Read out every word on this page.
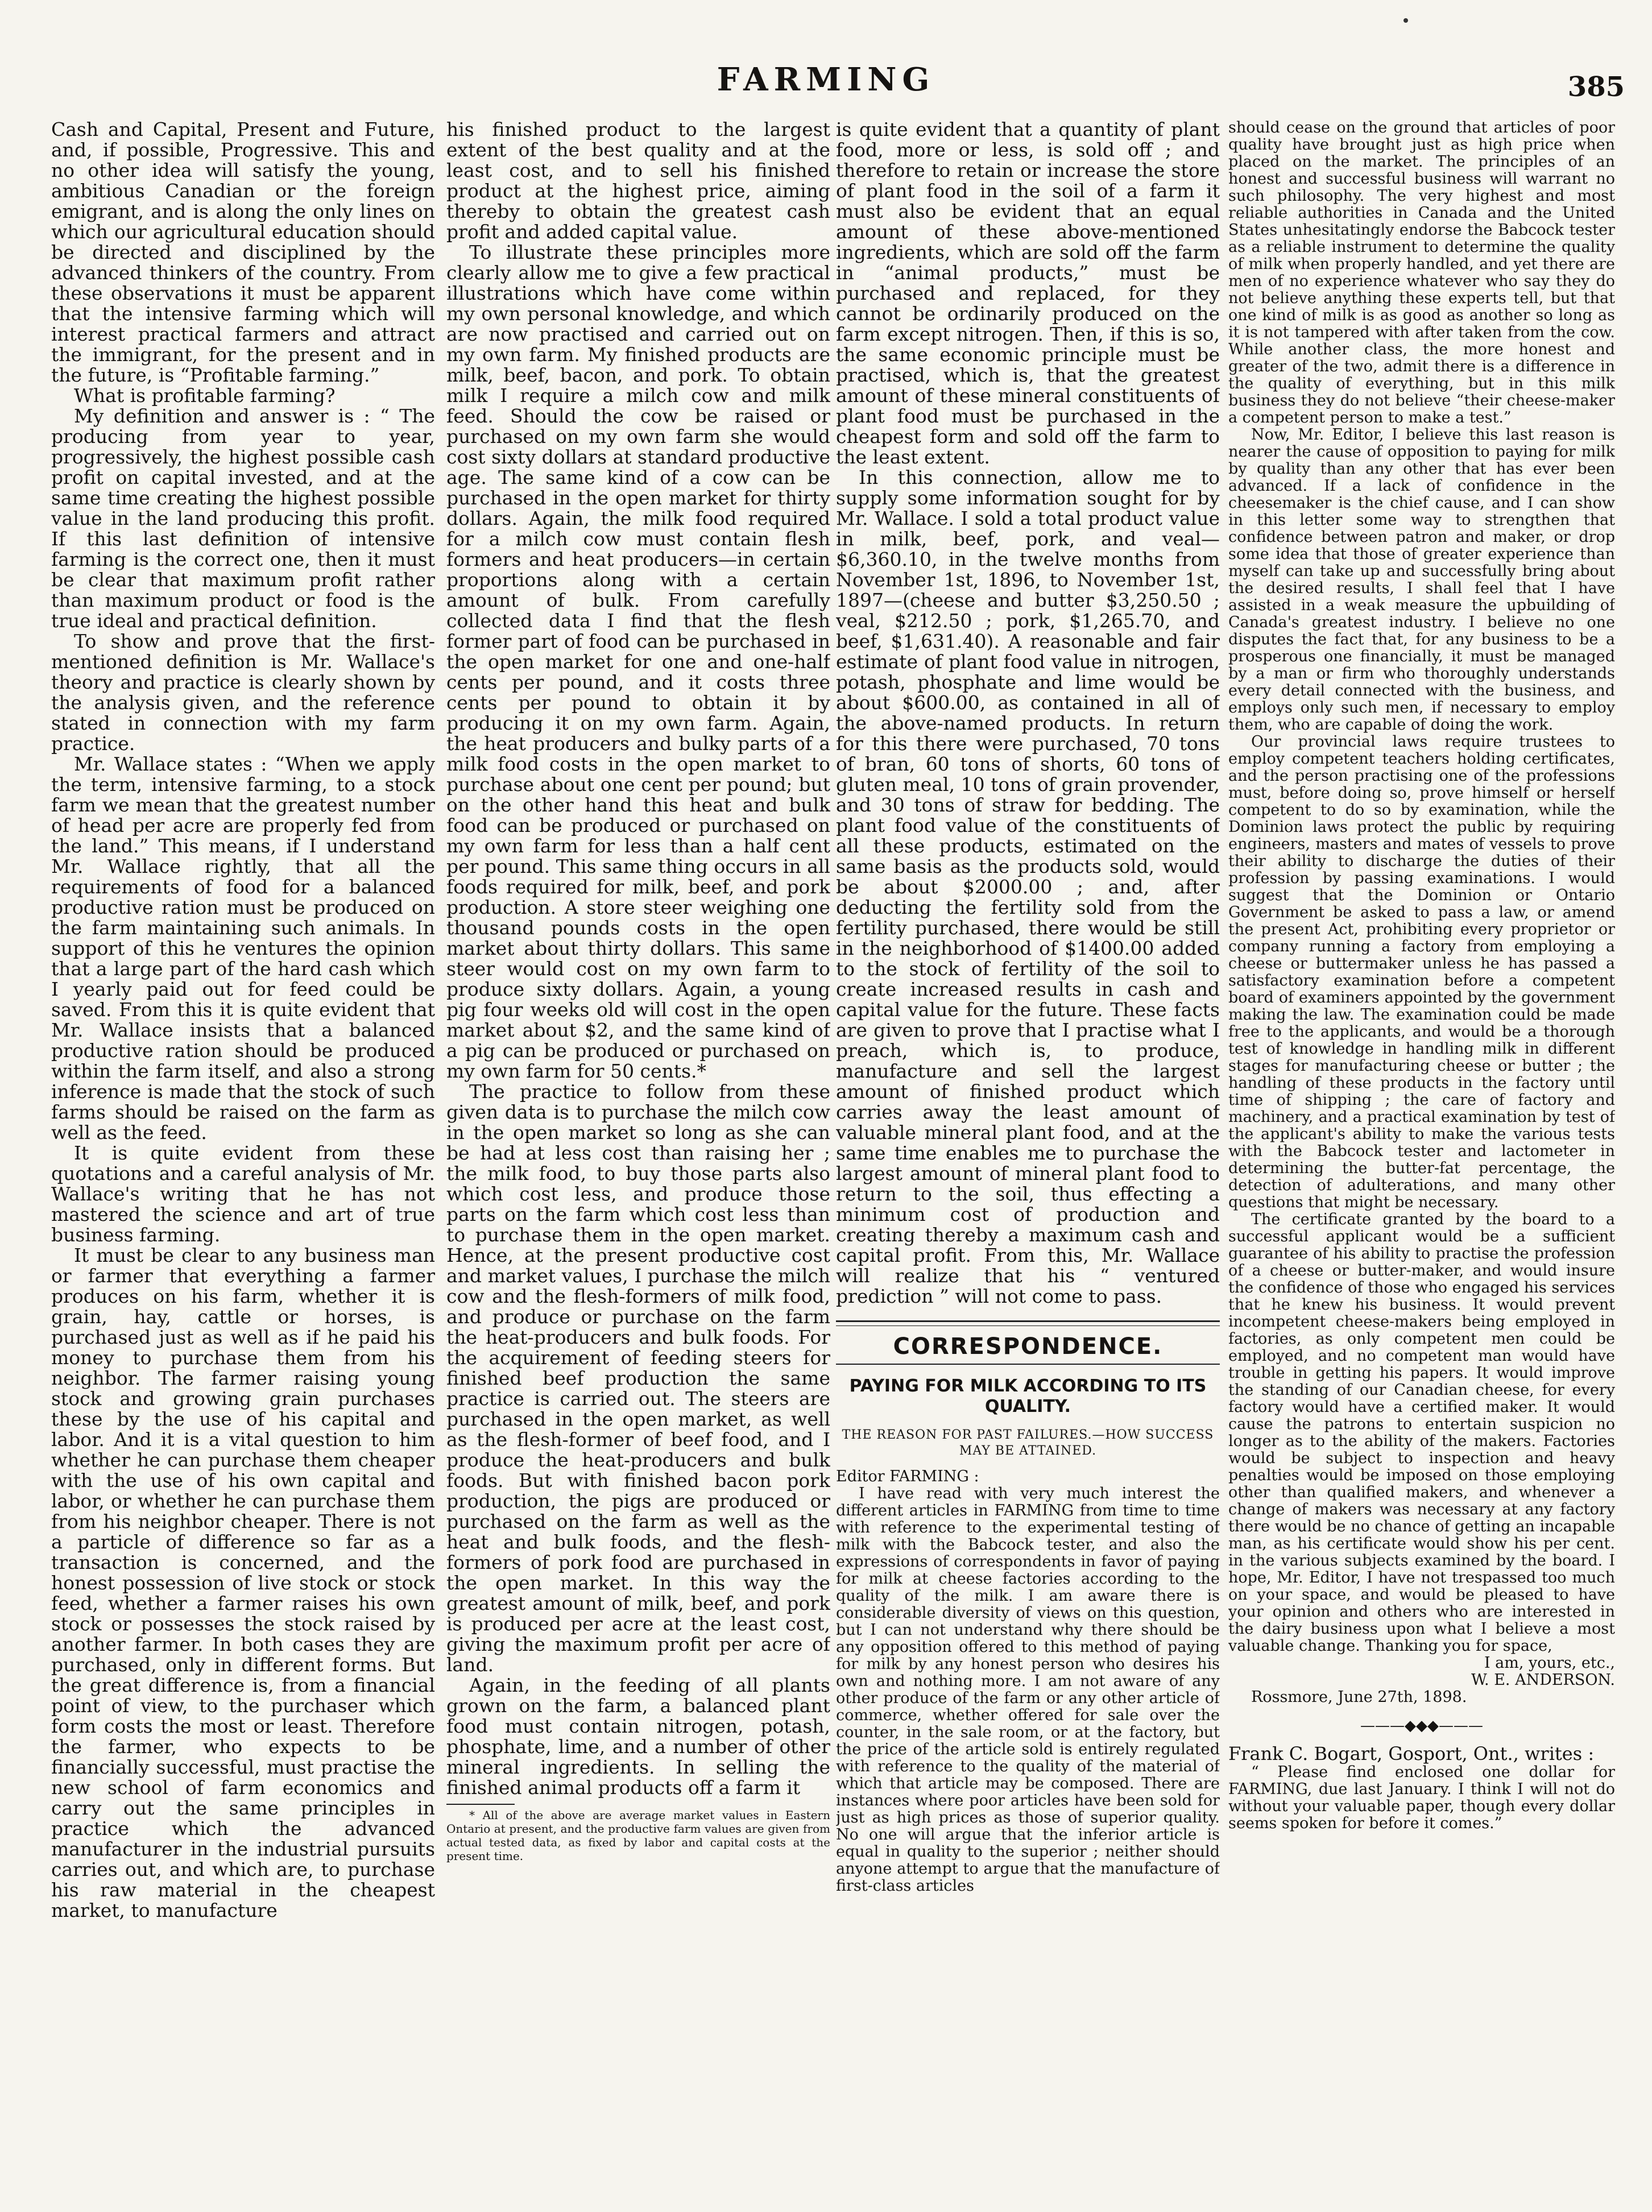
FARMING	385

Cash and Capital, Present and Future, and, if possible, Progressive. This and no other idea will satisfy the young, ambitious Canadian or the foreign emigrant, and is along the only lines on which our agricultural education should be directed and disciplined by the advanced thinkers of the country. From these observations it must be apparent that the intensive farming which will interest practical farmers and attract the immigrant, for the present and in the future, is “Profitable farming.”

What is profitable farming?

My definition and answer is : “ The producing from year to year, progressively, the highest possible cash profit on capital invested, and at the same time creating the highest possible value in the land producing this profit. If this last definition of intensive farming is the correct one, then it must be clear that maximum profit rather than maximum product or food is the true ideal and practical definition.

To show and prove that the first-mentioned definition is Mr. Wallace's theory and practice is clearly shown by the analysis given, and the reference stated in connection with my farm practice.

Mr. Wallace states : “When we apply the term, intensive farming, to a stock farm we mean that the greatest number of head per acre are properly fed from the land.” This means, if I understand Mr. Wallace rightly, that all the requirements of food for a balanced productive ration must be produced on the farm maintaining such animals. In support of this he ventures the opinion that a large part of the hard cash which I yearly paid out for feed could be saved. From this it is quite evident that Mr. Wallace insists that a balanced productive ration should be produced within the farm itself, and also a strong inference is made that the stock of such farms should be raised on the farm as well as the feed.

It is quite evident from these quotations and a careful analysis of Mr. Wallace's writing that he has not mastered the science and art of true business farming.

It must be clear to any business man or farmer that everything a farmer produces on his farm, whether it is grain, hay, cattle or horses, is purchased just as well as if he paid his money to purchase them from his neighbor. The farmer raising young stock and growing grain purchases these by the use of his capital and labor. And it is a vital question to him whether he can purchase them cheaper with the use of his own capital and labor, or whether he can purchase them from his neighbor cheaper. There is not a particle of difference so far as a transaction is concerned, and the honest possession of live stock or stock feed, whether a farmer raises his own stock or possesses the stock raised by another farmer. In both cases they are purchased, only in different forms. But the great difference is, from a financial point of view, to the purchaser which form costs the most or least. Therefore the farmer, who expects to be financially successful, must practise the new school of farm economics and carry out the same principles in practice which the advanced manufacturer in the industrial pursuits carries out, and which are, to purchase his raw material in the cheapest market, to manufacture

his finished product to the largest extent of the best quality and at the least cost, and to sell his finished product at the highest price, aiming thereby to obtain the greatest cash profit and added capital value.

To illustrate these principles more clearly allow me to give a few practical illustrations which have come within my own personal knowledge, and which are now practised and carried out on my own farm. My finished products are milk, beef, bacon, and pork. To obtain milk I require a milch cow and milk feed. Should the cow be raised or purchased on my own farm she would cost sixty dollars at standard productive age. The same kind of a cow can be purchased in the open market for thirty dollars. Again, the milk food required for a milch cow must contain flesh formers and heat producers—in certain proportions along with a certain amount of bulk. From carefully collected data I find that the flesh former part of food can be purchased in the open market for one and one-half cents per pound, and it costs three cents per pound to obtain it by producing it on my own farm. Again, the heat producers and bulky parts of a milk food costs in the open market to purchase about one cent per pound; but on the other hand this heat and bulk food can be produced or purchased on my own farm for less than a half cent per pound. This same thing occurs in all foods required for milk, beef, and pork production. A store steer weighing one thousand pounds costs in the open market about thirty dollars. This same steer would cost on my own farm to produce sixty dollars. Again, a young pig four weeks old will cost in the open market about $2, and the same kind of a pig can be produced or purchased on my own farm for 50 cents.*

The practice to follow from these given data is to purchase the milch cow in the open market so long as she can be had at less cost than raising her ; the milk food, to buy those parts also which cost less, and produce those parts on the farm which cost less than to purchase them in the open market. Hence, at the present productive cost and market values, I purchase the milch cow and the flesh-formers of milk food, and produce or purchase on the farm the heat-producers and bulk foods. For the acquirement of feeding steers for finished beef production the same practice is carried out. The steers are purchased in the open market, as well as the flesh-former of beef food, and I produce the heat-producers and bulk foods. But with finished bacon pork production, the pigs are produced or purchased on the farm as well as the heat and bulk foods, and the flesh-formers of pork food are purchased in the open market. In this way the greatest amount of milk, beef, and pork is produced per acre at the least cost, giving the maximum profit per acre of land.

Again, in the feeding of all plants grown on the farm, a balanced plant food must contain nitrogen, potash, phosphate, lime, and a number of other mineral ingredients. In selling the finished animal products off a farm it

* All of the above are average market values in Eastern Ontario at present, and the productive farm values are given from actual tested data, as fixed by labor and capital costs at the present time.

is quite evident that a quantity of plant food, more or less, is sold off ; and therefore to retain or increase the store of plant food in the soil of a farm it must also be evident that an equal amount of these above-mentioned ingredients, which are sold off the farm in “animal products,” must be purchased and replaced, for they cannot be ordinarily produced on the farm except nitrogen. Then, if this is so, the same economic principle must be practised, which is, that the greatest amount of these mineral constituents of plant food must be purchased in the cheapest form and sold off the farm to the least extent.

In this connection, allow me to supply some information sought for by Mr. Wallace. I sold a total product value in milk, beef, pork, and veal—$6,360.10, in the twelve months from November 1st, 1896, to November 1st, 1897—(cheese and butter $3,250.50 ; veal, $212.50 ; pork, $1,265.70, and beef, $1,631.40). A reasonable and fair estimate of plant food value in nitrogen, potash, phosphate and lime would be about $600.00, as contained in all of the above-named products. In return for this there were purchased, 70 tons of bran, 60 tons of shorts, 60 tons of gluten meal, 10 tons of grain provender, and 30 tons of straw for bedding. The plant food value of the constituents of all these products, estimated on the same basis as the products sold, would be about $2000.00 ; and, after deducting the fertility sold from the fertility purchased, there would be still in the neighborhood of $1400.00 added to the stock of fertility of the soil to create increased results in cash and capital value for the future. These facts are given to prove that I practise what I preach, which is, to produce, manufacture and sell the largest amount of finished product which carries away the least amount of valuable mineral plant food, and at the same time enables me to purchase the largest amount of mineral plant food to return to the soil, thus effecting a minimum cost of production and creating thereby a maximum cash and capital profit. From this, Mr. Wallace will realize that his “ ventured prediction ” will not come to pass.

CORRESPONDENCE.
PAYING FOR MILK ACCORDING TO ITS QUALITY.
THE REASON FOR PAST FAILURES.—HOW SUCCESS MAY BE ATTAINED.

Editor FARMING :

I have read with very much interest the different articles in FARMING from time to time with reference to the experimental testing of milk with the Babcock tester, and also the expressions of correspondents in favor of paying for milk at cheese factories according to the quality of the milk. I am aware there is considerable diversity of views on this question, but I can not understand why there should be any opposition offered to this method of paying for milk by any honest person who desires his own and nothing more. I am not aware of any other produce of the farm or any other article of commerce, whether offered for sale over the counter, in the sale room, or at the factory, but the price of the article sold is entirely regulated with reference to the quality of the material of which that article may be composed. There are instances where poor articles have been sold for just as high prices as those of superior quality. No one will argue that the inferior article is equal in quality to the superior ; neither should anyone attempt to argue that the manufacture of first-class articles

should cease on the ground that articles of poor quality have brought just as high price when placed on the market. The principles of an honest and successful business will warrant no such philosophy. The very highest and most reliable authorities in Canada and the United States unhesitatingly endorse the Babcock tester as a reliable instrument to determine the quality of milk when properly handled, and yet there are men of no experience whatever who say they do not believe anything these experts tell, but that one kind of milk is as good as another so long as it is not tampered with after taken from the cow. While another class, the more honest and greater of the two, admit there is a difference in the quality of everything, but in this milk business they do not believe “their cheese-maker a competent person to make a test.”

Now, Mr. Editor, I believe this last reason is nearer the cause of opposition to paying for milk by quality than any other that has ever been advanced. If a lack of confidence in the cheesemaker is the chief cause, and I can show in this letter some way to strengthen that confidence between patron and maker, or drop some idea that those of greater experience than myself can take up and successfully bring about the desired results, I shall feel that I have assisted in a weak measure the upbuilding of Canada's greatest industry. I believe no one disputes the fact that, for any business to be a prosperous one financially, it must be managed by a man or firm who thoroughly understands every detail connected with the business, and employs only such men, if necessary to employ them, who are capable of doing the work.

Our provincial laws require trustees to employ competent teachers holding certificates, and the person practising one of the professions must, before doing so, prove himself or herself competent to do so by examination, while the Dominion laws protect the public by requiring engineers, masters and mates of vessels to prove their ability to discharge the duties of their profession by passing examinations. I would suggest that the Dominion or Ontario Government be asked to pass a law, or amend the present Act, prohibiting every proprietor or company running a factory from employing a cheese or buttermaker unless he has passed a satisfactory examination before a competent board of examiners appointed by the government making the law. The examination could be made free to the applicants, and would be a thorough test of knowledge in handling milk in different stages for manufacturing cheese or butter ; the handling of these products in the factory until time of shipping ; the care of factory and machinery, and a practical examination by test of the applicant's ability to make the various tests with the Babcock tester and lactometer in determining the butter-fat percentage, the detection of adulterations, and many other questions that might be necessary.

The certificate granted by the board to a successful applicant would be a sufficient guarantee of his ability to practise the profession of a cheese or butter-maker, and would insure the confidence of those who engaged his services that he knew his business. It would prevent incompetent cheese-makers being employed in factories, as only competent men could be employed, and no competent man would have trouble in getting his papers. It would improve the standing of our Canadian cheese, for every factory would have a certified maker. It would cause the patrons to entertain suspicion no longer as to the ability of the makers. Factories would be subject to inspection and heavy penalties would be imposed on those employing other than qualified makers, and whenever a change of makers was necessary at any factory there would be no chance of getting an incapable man, as his certificate would show his per cent. in the various subjects examined by the board. I hope, Mr. Editor, I have not trespassed too much on your space, and would be pleased to have your opinion and others who are interested in the dairy business upon what I believe a most valuable change. Thanking you for space,

I am, yours, etc.,

W. E. ANDERSON.

Rossmore, June 27th, 1898.

———◆◆◆———

Frank C. Bogart, Gosport, Ont., writes :

“ Please find enclosed one dollar for FARMING, due last January. I think I will not do without your valuable paper, though every dollar seems spoken for before it comes.”
